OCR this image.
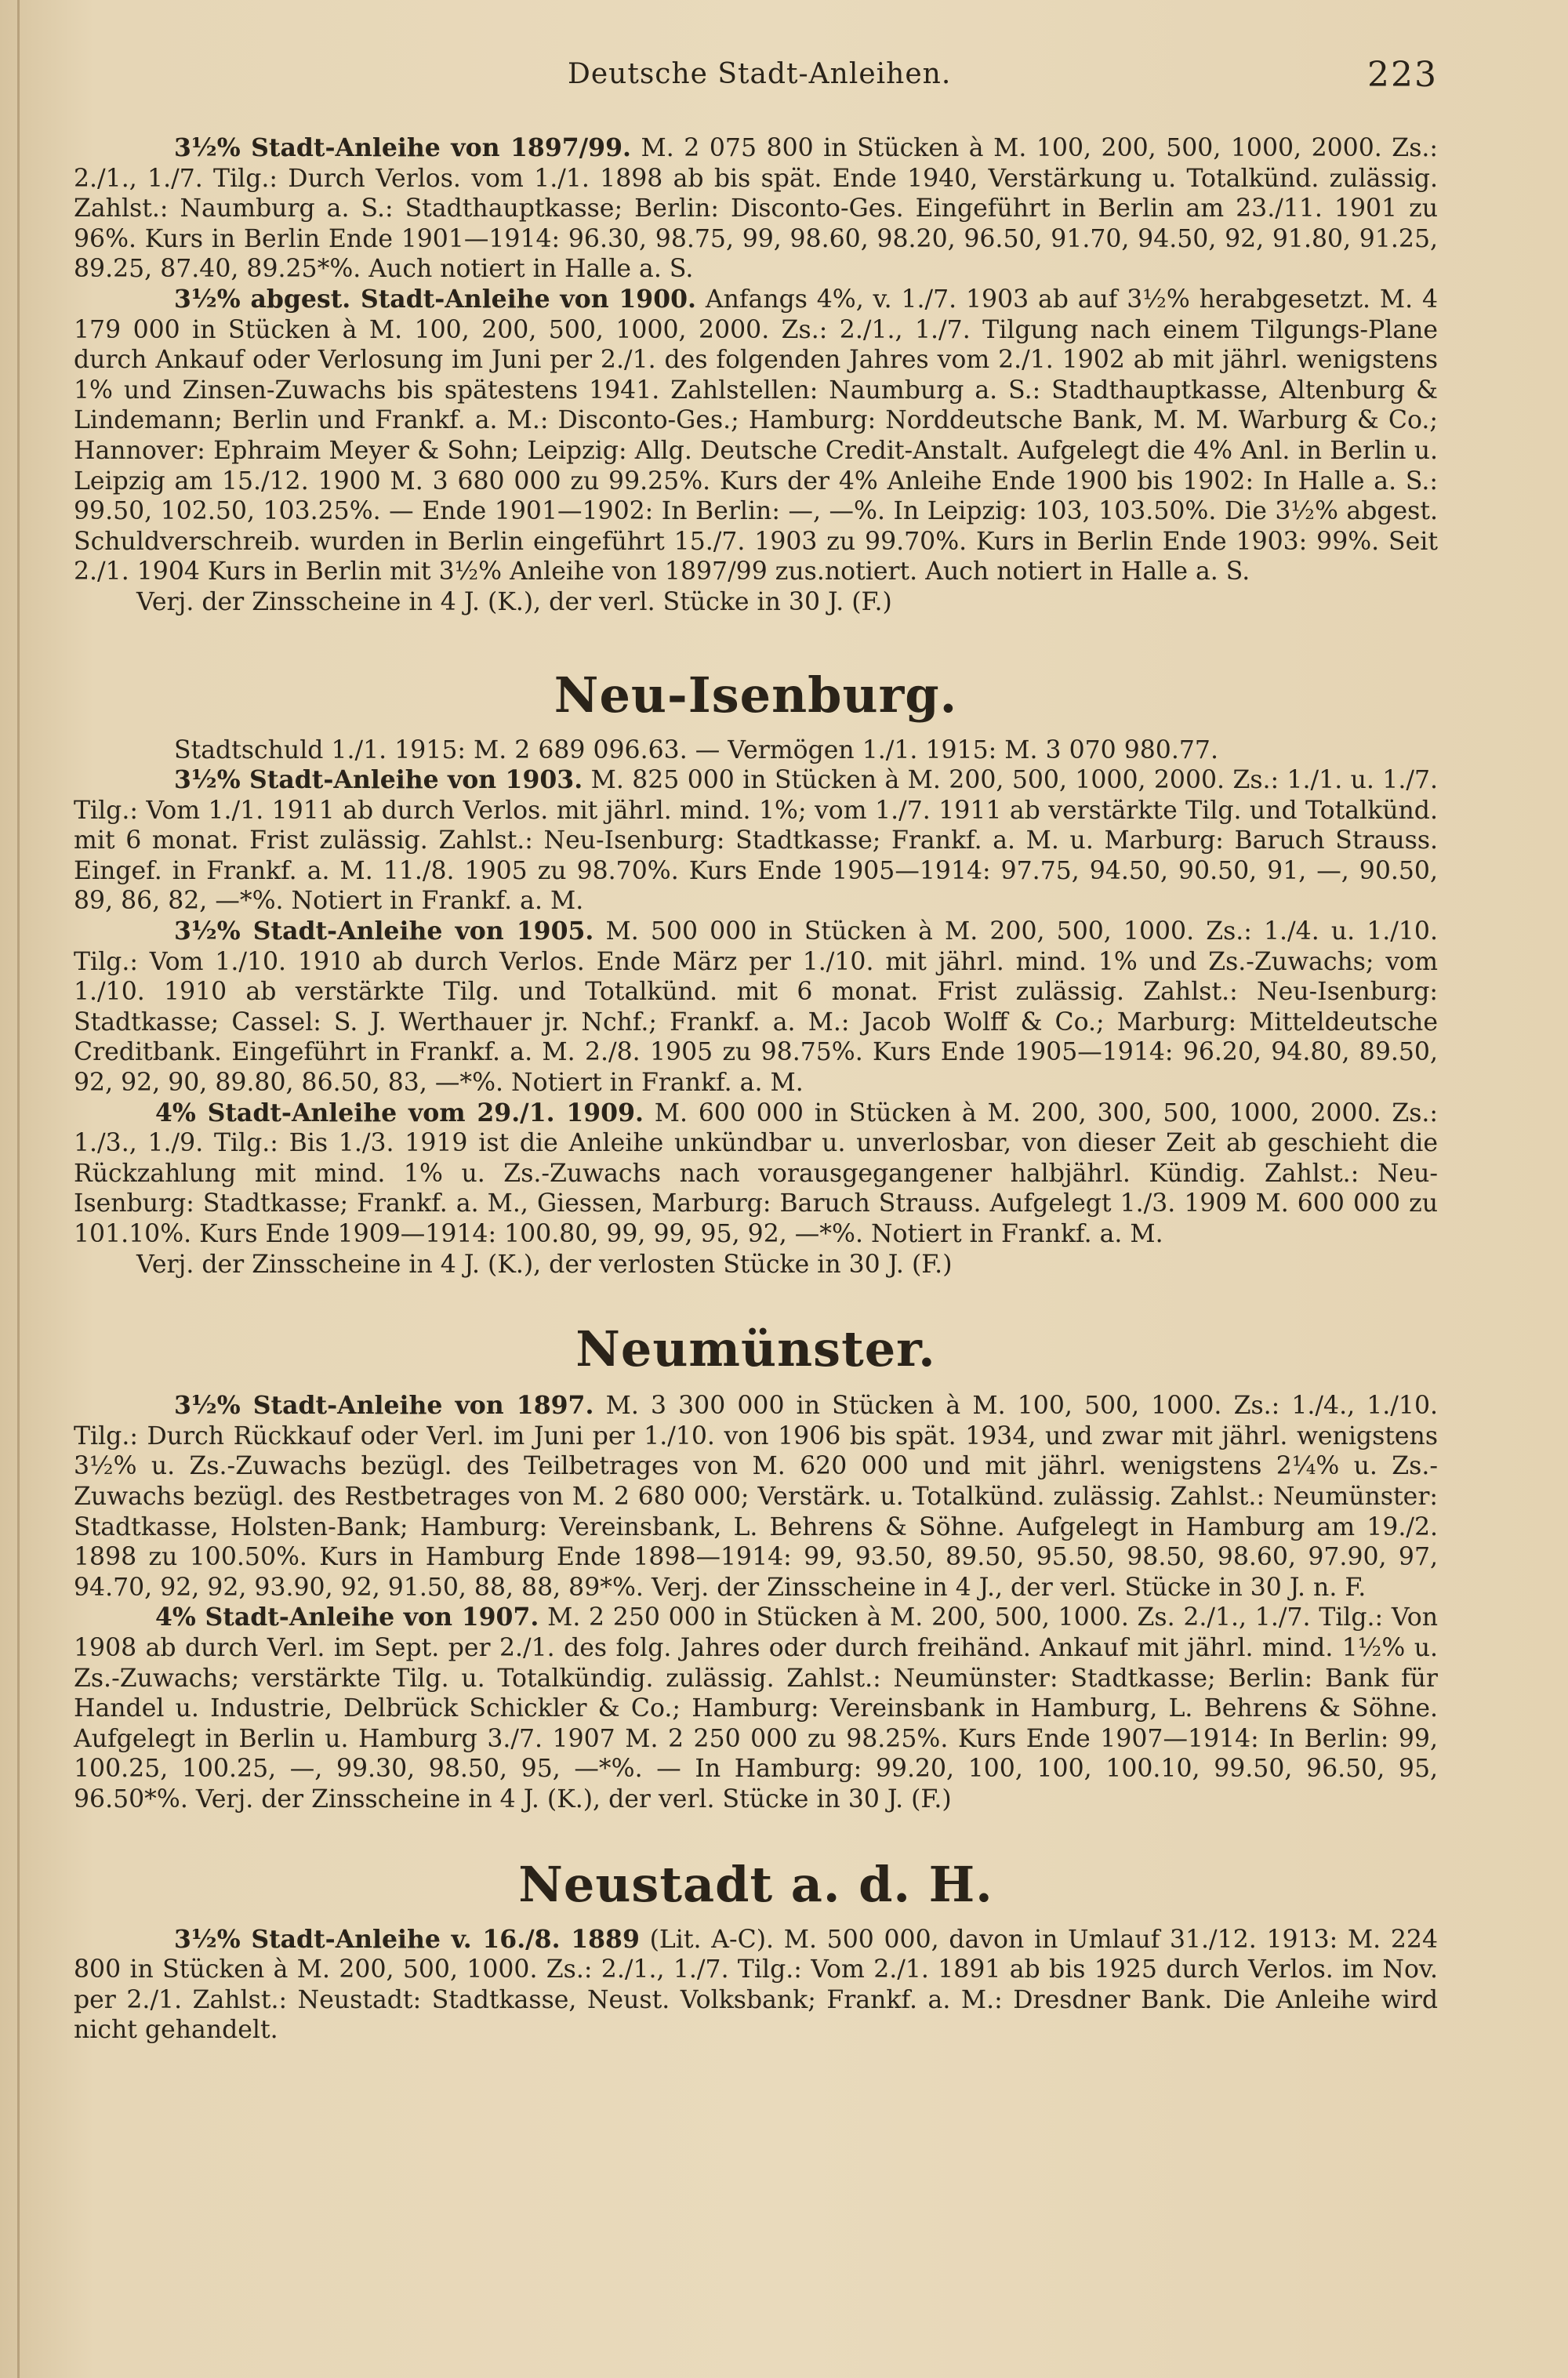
Deutsche Stadt-Anleihen.	223

3½% Stadt-Anleihe von 1897/99. M. 2 075 800 in Stücken à M. 100, 200, 500, 1000, 2000. Zs.: 2./1., 1./7. Tilg.: Durch Verlos. vom 1./1. 1898 ab bis spät. Ende 1940, Verstärkung u. Totalkünd. zulässig. Zahlst.: Naumburg a. S.: Stadthauptkasse; Berlin: Disconto-Ges. Eingeführt in Berlin am 23./11. 1901 zu 96%. Kurs in Berlin Ende 1901—1914: 96.30, 98.75, 99, 98.60, 98.20, 96.50, 91.70, 94.50, 92, 91.80, 91.25, 89.25, 87.40, 89.25*%. Auch notiert in Halle a. S.

3½% abgest. Stadt-Anleihe von 1900. Anfangs 4%, v. 1./7. 1903 ab auf 3½% herabgesetzt. M. 4 179 000 in Stücken à M. 100, 200, 500, 1000, 2000. Zs.: 2./1., 1./7. Tilgung nach einem Tilgungs-Plane durch Ankauf oder Verlosung im Juni per 2./1. des folgenden Jahres vom 2./1. 1902 ab mit jährl. wenigstens 1% und Zinsen-Zuwachs bis spätestens 1941. Zahlstellen: Naumburg a. S.: Stadthauptkasse, Altenburg & Lindemann; Berlin und Frankf. a. M.: Disconto-Ges.; Hamburg: Norddeutsche Bank, M. M. Warburg & Co.; Hannover: Ephraim Meyer & Sohn; Leipzig: Allg. Deutsche Credit-Anstalt. Aufgelegt die 4% Anl. in Berlin u. Leipzig am 15./12. 1900 M. 3 680 000 zu 99.25%. Kurs der 4% Anleihe Ende 1900 bis 1902: In Halle a. S.: 99.50, 102.50, 103.25%. — Ende 1901—1902: In Berlin: —, —%. In Leipzig: 103, 103.50%. Die 3½% abgest. Schuldverschreib. wurden in Berlin eingeführt 15./7. 1903 zu 99.70%. Kurs in Berlin Ende 1903: 99%. Seit 2./1. 1904 Kurs in Berlin mit 3½% Anleihe von 1897/99 zus.notiert. Auch notiert in Halle a. S.

Verj. der Zinsscheine in 4 J. (K.), der verl. Stücke in 30 J. (F.)

Neu-Isenburg.

Stadtschuld 1./1. 1915: M. 2 689 096.63. — Vermögen 1./1. 1915: M. 3 070 980.77.

3½% Stadt-Anleihe von 1903. M. 825 000 in Stücken à M. 200, 500, 1000, 2000. Zs.: 1./1. u. 1./7. Tilg.: Vom 1./1. 1911 ab durch Verlos. mit jährl. mind. 1%; vom 1./7. 1911 ab verstärkte Tilg. und Totalkünd. mit 6 monat. Frist zulässig. Zahlst.: Neu-Isenburg: Stadtkasse; Frankf. a. M. u. Marburg: Baruch Strauss. Eingef. in Frankf. a. M. 11./8. 1905 zu 98.70%. Kurs Ende 1905—1914: 97.75, 94.50, 90.50, 91, —, 90.50, 89, 86, 82, —*%. Notiert in Frankf. a. M.

3½% Stadt-Anleihe von 1905. M. 500 000 in Stücken à M. 200, 500, 1000. Zs.: 1./4. u. 1./10. Tilg.: Vom 1./10. 1910 ab durch Verlos. Ende März per 1./10. mit jährl. mind. 1% und Zs.-Zuwachs; vom 1./10. 1910 ab verstärkte Tilg. und Totalkünd. mit 6 monat. Frist zulässig. Zahlst.: Neu-Isenburg: Stadtkasse; Cassel: S. J. Werthauer jr. Nchf.; Frankf. a. M.: Jacob Wolff & Co.; Marburg: Mitteldeutsche Creditbank. Eingeführt in Frankf. a. M. 2./8. 1905 zu 98.75%. Kurs Ende 1905—1914: 96.20, 94.80, 89.50, 92, 92, 90, 89.80, 86.50, 83, —*%. Notiert in Frankf. a. M.

4% Stadt-Anleihe vom 29./1. 1909. M. 600 000 in Stücken à M. 200, 300, 500, 1000, 2000. Zs.: 1./3., 1./9. Tilg.: Bis 1./3. 1919 ist die Anleihe unkündbar u. unverlosbar, von dieser Zeit ab geschieht die Rückzahlung mit mind. 1% u. Zs.-Zuwachs nach vorausgegangener halbjährl. Kündig. Zahlst.: Neu-Isenburg: Stadtkasse; Frankf. a. M., Giessen, Marburg: Baruch Strauss. Aufgelegt 1./3. 1909 M. 600 000 zu 101.10%. Kurs Ende 1909—1914: 100.80, 99, 99, 95, 92, —*%. Notiert in Frankf. a. M.

Verj. der Zinsscheine in 4 J. (K.), der verlosten Stücke in 30 J. (F.)

Neumünster.

3½% Stadt-Anleihe von 1897. M. 3 300 000 in Stücken à M. 100, 500, 1000. Zs.: 1./4., 1./10. Tilg.: Durch Rückkauf oder Verl. im Juni per 1./10. von 1906 bis spät. 1934, und zwar mit jährl. wenigstens 3½% u. Zs.-Zuwachs bezügl. des Teilbetrages von M. 620 000 und mit jährl. wenigstens 2¼% u. Zs.-Zuwachs bezügl. des Restbetrages von M. 2 680 000; Verstärk. u. Totalkünd. zulässig. Zahlst.: Neumünster: Stadtkasse, Holsten-Bank; Hamburg: Vereinsbank, L. Behrens & Söhne. Aufgelegt in Hamburg am 19./2. 1898 zu 100.50%. Kurs in Hamburg Ende 1898—1914: 99, 93.50, 89.50, 95.50, 98.50, 98.60, 97.90, 97, 94.70, 92, 92, 93.90, 92, 91.50, 88, 88, 89*%. Verj. der Zinsscheine in 4 J., der verl. Stücke in 30 J. n. F.

4% Stadt-Anleihe von 1907. M. 2 250 000 in Stücken à M. 200, 500, 1000. Zs. 2./1., 1./7. Tilg.: Von 1908 ab durch Verl. im Sept. per 2./1. des folg. Jahres oder durch freihänd. Ankauf mit jährl. mind. 1½% u. Zs.-Zuwachs; verstärkte Tilg. u. Totalkündig. zulässig. Zahlst.: Neumünster: Stadtkasse; Berlin: Bank für Handel u. Industrie, Delbrück Schickler & Co.; Hamburg: Vereinsbank in Hamburg, L. Behrens & Söhne. Aufgelegt in Berlin u. Hamburg 3./7. 1907 M. 2 250 000 zu 98.25%. Kurs Ende 1907—1914: In Berlin: 99, 100.25, 100.25, —, 99.30, 98.50, 95, —*%. — In Hamburg: 99.20, 100, 100, 100.10, 99.50, 96.50, 95, 96.50*%. Verj. der Zinsscheine in 4 J. (K.), der verl. Stücke in 30 J. (F.)

Neustadt a. d. H.

3½% Stadt-Anleihe v. 16./8. 1889 (Lit. A-C). M. 500 000, davon in Umlauf 31./12. 1913: M. 224 800 in Stücken à M. 200, 500, 1000. Zs.: 2./1., 1./7. Tilg.: Vom 2./1. 1891 ab bis 1925 durch Verlos. im Nov. per 2./1. Zahlst.: Neustadt: Stadtkasse, Neust. Volksbank; Frankf. a. M.: Dresdner Bank. Die Anleihe wird nicht gehandelt.
